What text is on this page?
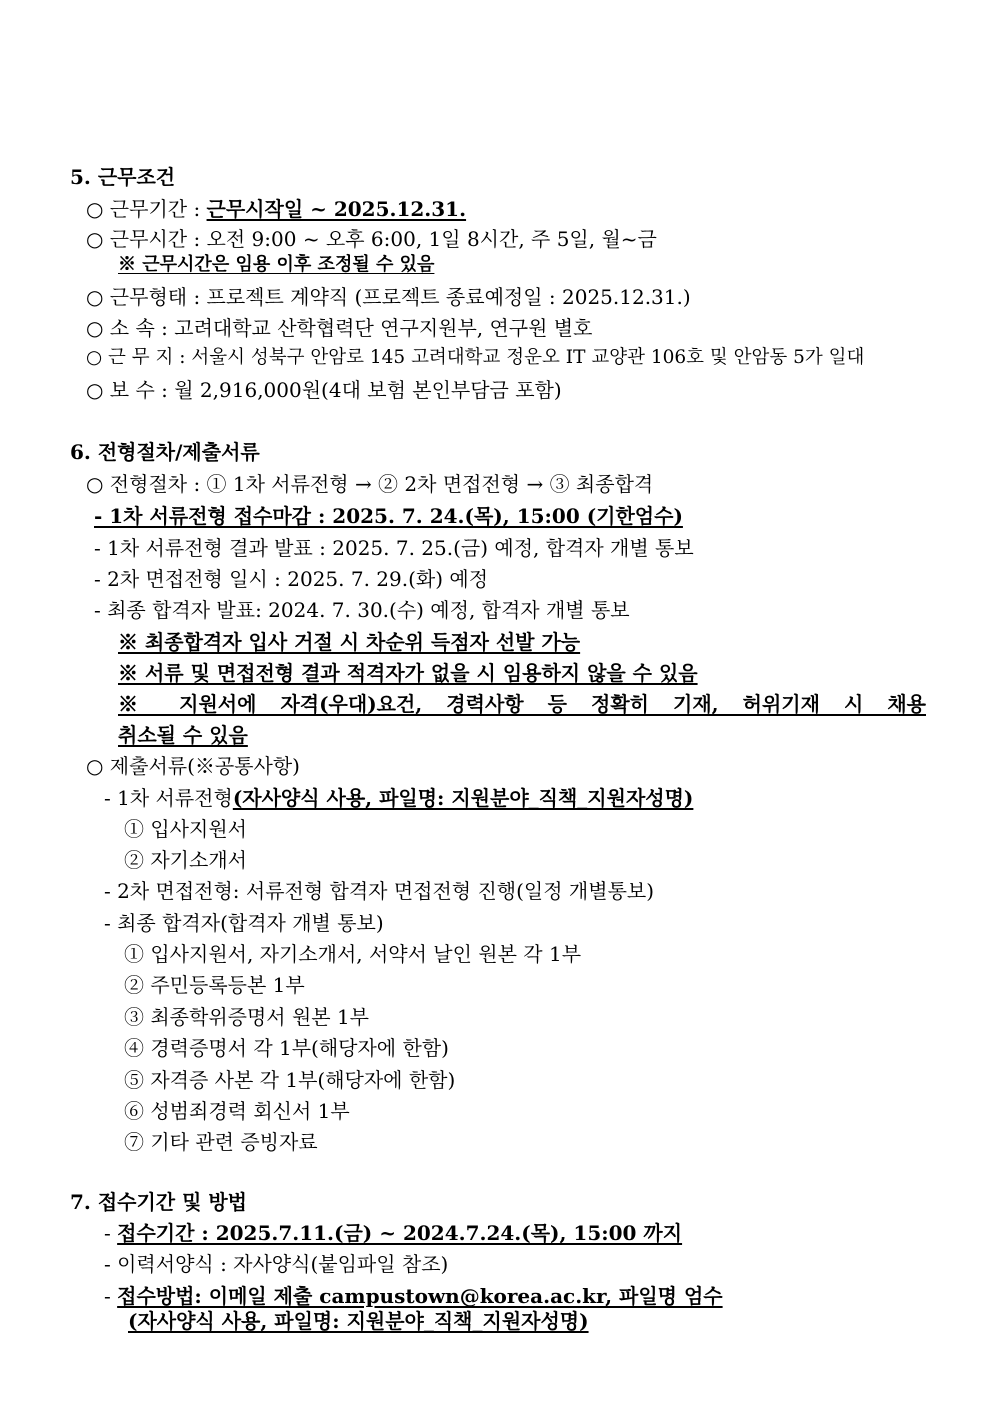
5. 근무조건
○ 근무기간 : 근무시작일 ~ 2025.12.31.
○ 근무시간 : 오전 9:00 ~ 오후 6:00, 1일 8시간, 주 5일, 월~금
※ 근무시간은 임용 이후 조정될 수 있음
○ 근무형태 : 프로젝트 계약직 (프로젝트 종료예정일 : 2025.12.31.)
○ 소 속 : 고려대학교 산학협력단 연구지원부, 연구원 별호
○ 근 무 지 : 서울시 성북구 안암로 145 고려대학교 정운오 IT 교양관 106호 및 안암동 5가 일대
○ 보 수 : 월 2,916,000원(4대 보험 본인부담금 포함)
6. 전형절차/제출서류
○ 전형절차 : ① 1차 서류전형 → ② 2차 면접전형 → ③ 최종합격
- 1차 서류전형 접수마감 : 2025. 7. 24.(목), 15:00 (기한엄수)
- 1차 서류전형 결과 발표 : 2025. 7. 25.(금) 예정, 합격자 개별 통보
- 2차 면접전형 일시 : 2025. 7. 29.(화) 예정
- 최종 합격자 발표: 2024. 7. 30.(수) 예정, 합격자 개별 통보
※ 최종합격자 입사 거절 시 차순위 득점자 선발 가능
※ 서류 및 면접전형 결과 적격자가 없을 시 임용하지 않을 수 있음
※ 지원서에 자격(우대)요건, 경력사항 등 정확히 기재, 허위기재 시 채용
취소될 수 있음
○ 제출서류(※공통사항)
- 1차 서류전형(자사양식 사용, 파일명: 지원분야_직책_지원자성명)
① 입사지원서
② 자기소개서
- 2차 면접전형: 서류전형 합격자 면접전형 진행(일정 개별통보)
- 최종 합격자(합격자 개별 통보)
① 입사지원서, 자기소개서, 서약서 날인 원본 각 1부
② 주민등록등본 1부
③ 최종학위증명서 원본 1부
④ 경력증명서 각 1부(해당자에 한함)
⑤ 자격증 사본 각 1부(해당자에 한함)
⑥ 성범죄경력 회신서 1부
⑦ 기타 관련 증빙자료
7. 접수기간 및 방법
- 접수기간 : 2025.7.11.(금) ~ 2024.7.24.(목), 15:00 까지
- 이력서양식 : 자사양식(붙임파일 참조)
- 접수방법: 이메일 제출 campustown@korea.ac.kr, 파일명 엄수
(자사양식 사용, 파일명: 지원분야_직책_지원자성명)
